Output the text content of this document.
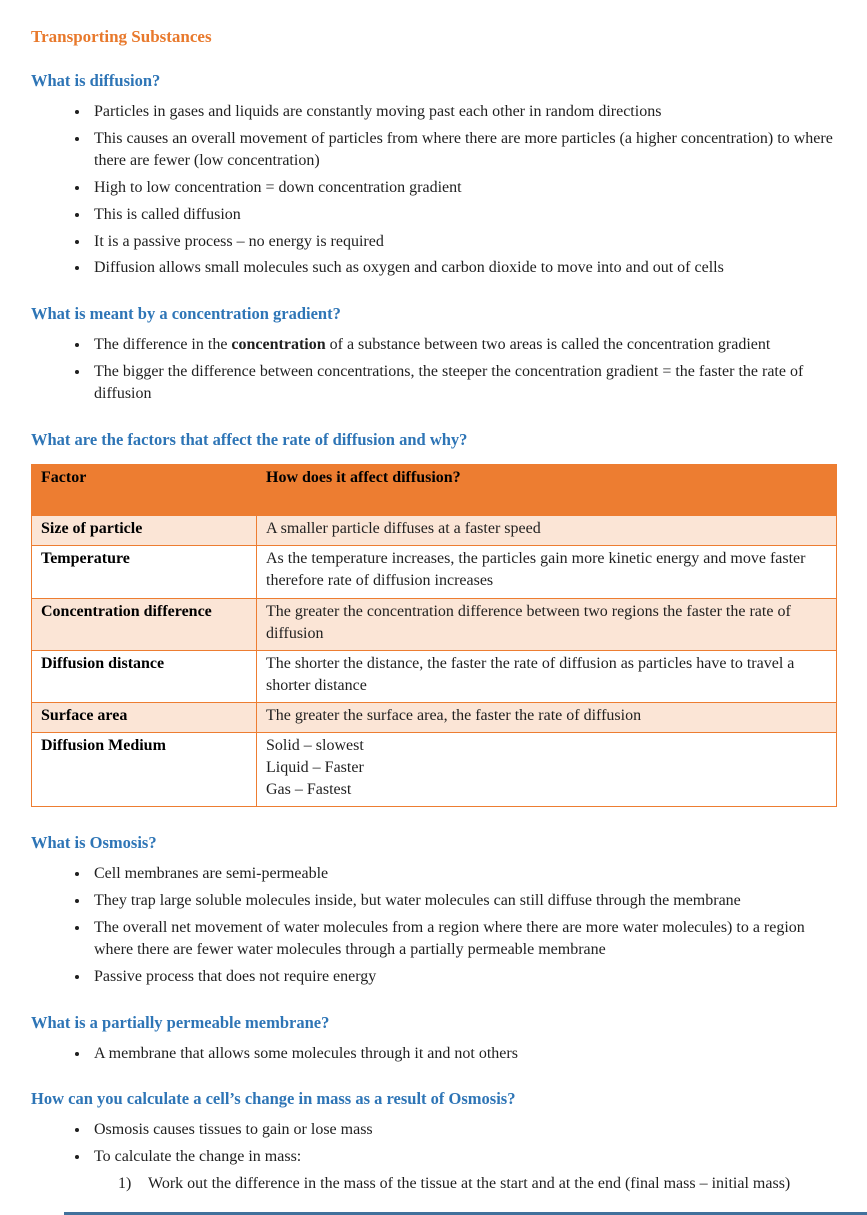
Transporting Substances
What is diffusion?
• Particles in gases and liquids are constantly moving past each other in random directions
• This causes an overall movement of particles from where there are more particles (a higher concentration) to where there are fewer (low concentration)
• High to low concentration = down concentration gradient
• This is called diffusion
• It is a passive process – no energy is required
• Diffusion allows small molecules such as oxygen and carbon dioxide to move into and out of cells
What is meant by a concentration gradient?
• The difference in the concentration of a substance between two areas is called the concentration gradient
• The bigger the difference between concentrations, the steeper the concentration gradient = the faster the rate of diffusion
What are the factors that affect the rate of diffusion and why?
Factor	How does it affect diffusion?
Size of particle	A smaller particle diffuses at a faster speed
Temperature	As the temperature increases, the particles gain more kinetic energy and move faster therefore rate of diffusion increases
Concentration difference	The greater the concentration difference between two regions the faster the rate of diffusion
Diffusion distance	The shorter the distance, the faster the rate of diffusion as particles have to travel a shorter distance
Surface area	The greater the surface area, the faster the rate of diffusion
Diffusion Medium	Solid – slowest
Liquid – Faster
Gas – Fastest
What is Osmosis?
• Cell membranes are semi-permeable
• They trap large soluble molecules inside, but water molecules can still diffuse through the membrane
• The overall net movement of water molecules from a region where there are more water molecules) to a region where there are fewer water molecules through a partially permeable membrane
• Passive process that does not require energy
What is a partially permeable membrane?
• A membrane that allows some molecules through it and not others
How can you calculate a cell’s change in mass as a result of Osmosis?
• Osmosis causes tissues to gain or lose mass
• To calculate the change in mass:
1)	Work out the difference in the mass of the tissue at the start and at the end (final mass – initial mass)
